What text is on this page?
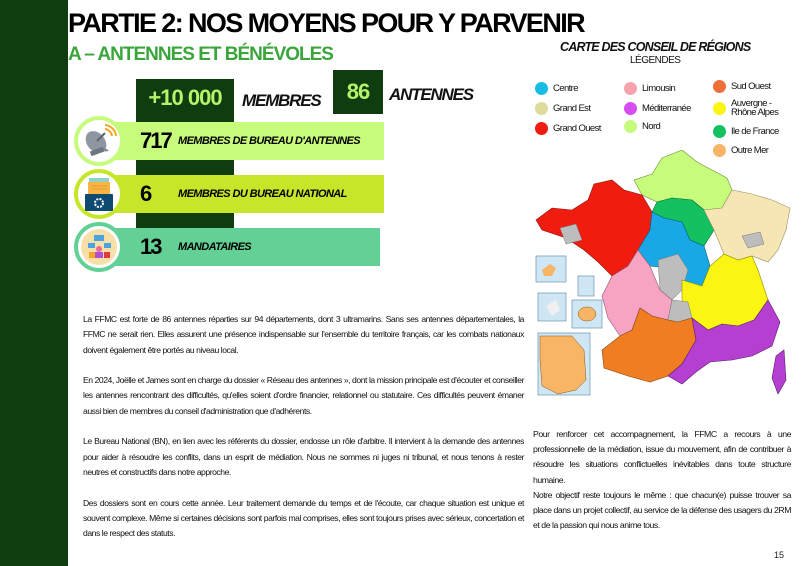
PARTIE 2: NOS MOYENS POUR Y PARVENIR
A – ANTENNES ET BÉNÉVOLES
+10 000	MEMBRES	86	ANTENNES
717 MEMBRES DE BUREAU D'ANTENNES
6	MEMBRES DU BUREAU NATIONAL
13	MANDATAIRES

La FFMC est forte de 86 antennes réparties sur 94 départements, dont 3 ultramarins. Sans ses antennes départementales, la FFMC ne serait rien. Elles assurent une présence indispensable sur l'ensemble du territoire français, car les combats nationaux doivent également être portés au niveau local.

En 2024, Joëlle et James sont en charge du dossier « Réseau des antennes », dont la mission principale est d'écouter et conseiller les antennes rencontrant des difficultés, qu'elles soient d'ordre financier, relationnel ou statutaire. Ces difficultés peuvent émaner aussi bien de membres du conseil d'administration que d'adhérents.

Le Bureau National (BN), en lien avec les référents du dossier, endosse un rôle d'arbitre. Il intervient à la demande des antennes pour aider à résoudre les conflits, dans un esprit de médiation. Nous ne sommes ni juges ni tribunal, et nous tenons à rester neutres et constructifs dans notre approche.

Des dossiers sont en cours cette année. Leur traitement demande du temps et de l'écoute, car chaque situation est unique et souvent complexe. Même si certaines décisions sont parfois mal comprises, elles sont toujours prises avec sérieux, concertation et dans le respect des statuts.

CARTE DES CONSEIL DE RÉGIONS
LÉGENDES
Centre
Grand Est
Grand Ouest
Limousin
Méditerranée
Nord
Sud Ouest
Auvergne - Rhône Alpes
Ile de France
Outre Mer

Pour renforcer cet accompagnement, la FFMC a recours à une professionnelle de la médiation, issue du mouvement, afin de contribuer à résoudre les situations conflictuelles inévitables dans toute structure humaine.

Notre objectif reste toujours le même : que chacun(e) puisse trouver sa place dans un projet collectif, au service de la défense des usagers du 2RM et de la passion qui nous anime tous.

15
